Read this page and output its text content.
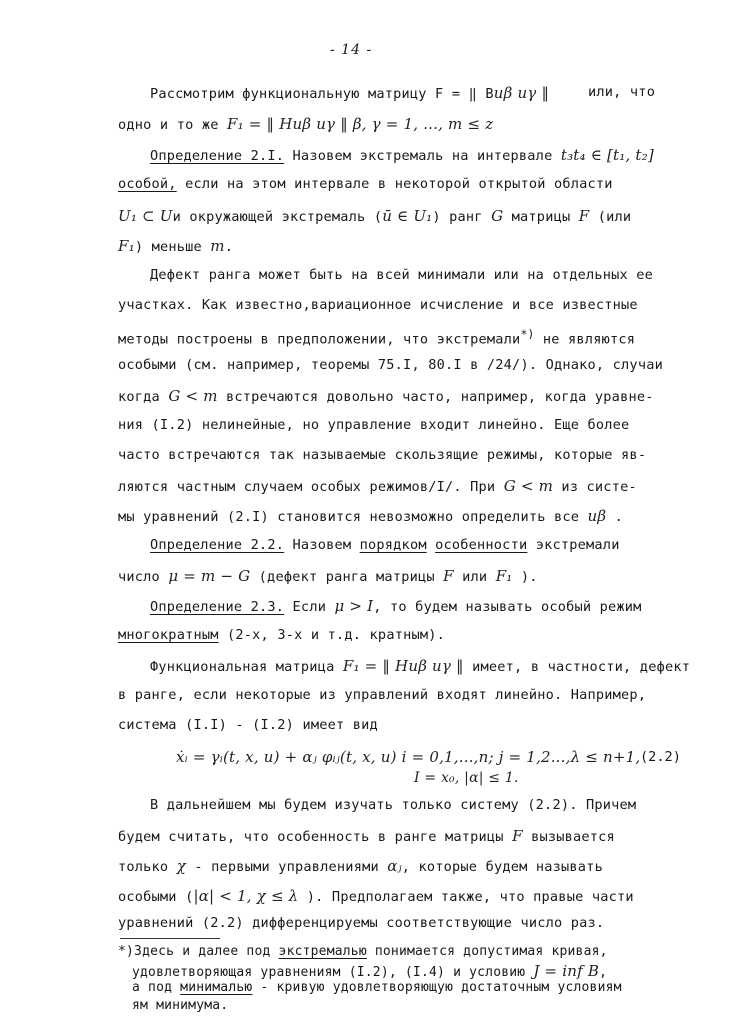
- 14 -

Рассмотрим функциональную матрицу F = ‖ Buβ uγ ‖	или, что

одно и то же F₁ = ‖ Huβ uγ ‖ β, γ = 1, ..., m ≤ z

Определение 2.I. Назовем экстремаль на интервале t₃t₄ ∈ [t₁, t₂]

особой, если на этом интервале в некоторой открытой области

U₁ ⊂ Uи окружающей экстремаль (ū ∈ U₁) ранг G матрицы F (или

F₁) меньше m.

Дефект ранга может быть на всей минимали или на отдельных ее

участках. Как известно,вариационное исчисление и все известные

методы построены в предположении, что экстремали*) не являются

особыми (см. например, теоремы 75.I, 80.I в /24/). Однако, случаи

когда G < m встречаются довольно часто, например, когда уравне-

ния (I.2) нелинейные, но управление входит линейно. Еще более

часто встречаются так называемые скользящие режимы, которые яв-

ляются частным случаем особых режимов/I/. При G < m из систе-

мы уравнений (2.I) становится невозможно определить все uβ .

Определение 2.2. Назовем порядком особенности экстремали

число μ = m − G (дефект ранга матрицы F или F₁ ).

Определение 2.3. Если μ > I, то будем называть особый режим

многократным (2-х, 3-х и т.д. кратным).

Функциональная матрица F₁ = ‖ Huβ uγ ‖ имеет, в частности, дефект

в ранге, если некоторые из управлений входят линейно. Например,

система (I.I) - (I.2) имеет вид

ẋᵢ = γᵢ(t, x, u) + αⱼ φᵢⱼ(t, x, u) i = 0,1,...,n; j = 1,2...,λ ≤ n+1, (2.2)

I = x₀, |α| ≤ 1.

В дальнейшем мы будем изучать только систему (2.2). Причем

будем считать, что особенность в ранге матрицы F вызывается

только χ - первыми управлениями αⱼ, которые будем называть

особыми (|α| < 1, χ ≤ λ ). Предполагаем также, что правые части

уравнений (2.2) дифференцируемы соответствующие число раз.

*)Здесь и далее под экстремалью понимается допустимая кривая,

удовлетворяющая уравнениям (I.2), (I.4) и условию J = inf B,

а под минималью - кривую удовлетворяющую достаточным условиям

ям минимума.
